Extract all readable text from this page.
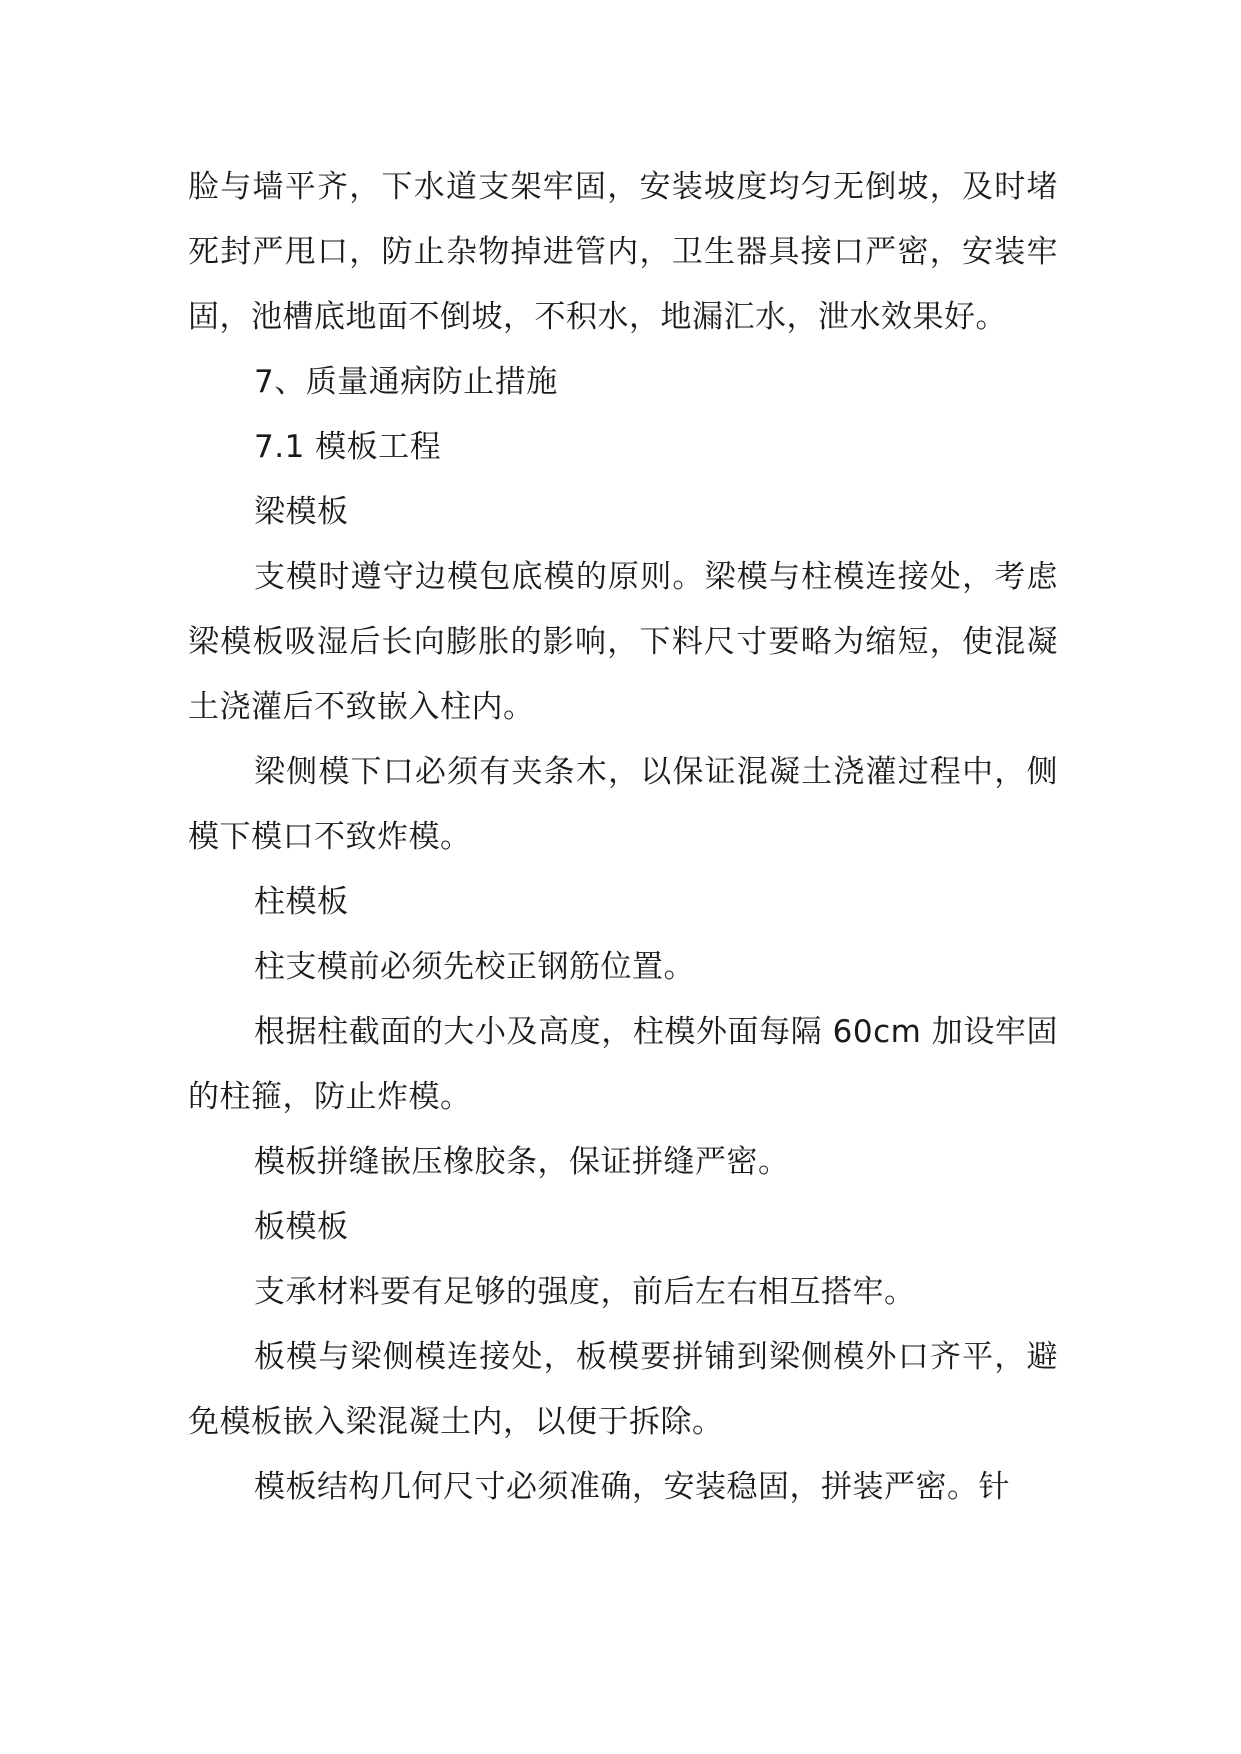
脸与墙平齐，下水道支架牢固，安装坡度均匀无倒坡，及时堵死封严甩口，防止杂物掉进管内，卫生器具接口严密，安装牢固，池槽底地面不倒坡，不积水，地漏汇水，泄水效果好。

7、质量通病防止措施

7.1 模板工程

梁模板

支模时遵守边模包底模的原则。梁模与柱模连接处，考虑梁模板吸湿后长向膨胀的影响，下料尺寸要略为缩短，使混凝土浇灌后不致嵌入柱内。

梁侧模下口必须有夹条木，以保证混凝土浇灌过程中，侧模下模口不致炸模。

柱模板

柱支模前必须先校正钢筋位置。

根据柱截面的大小及高度，柱模外面每隔 60cm 加设牢固的柱箍，防止炸模。

模板拼缝嵌压橡胶条，保证拼缝严密。

板模板

支承材料要有足够的强度，前后左右相互搭牢。

板模与梁侧模连接处，板模要拼铺到梁侧模外口齐平，避免模板嵌入梁混凝土内，以便于拆除。

模板结构几何尺寸必须准确，安装稳固，拼装严密。针
